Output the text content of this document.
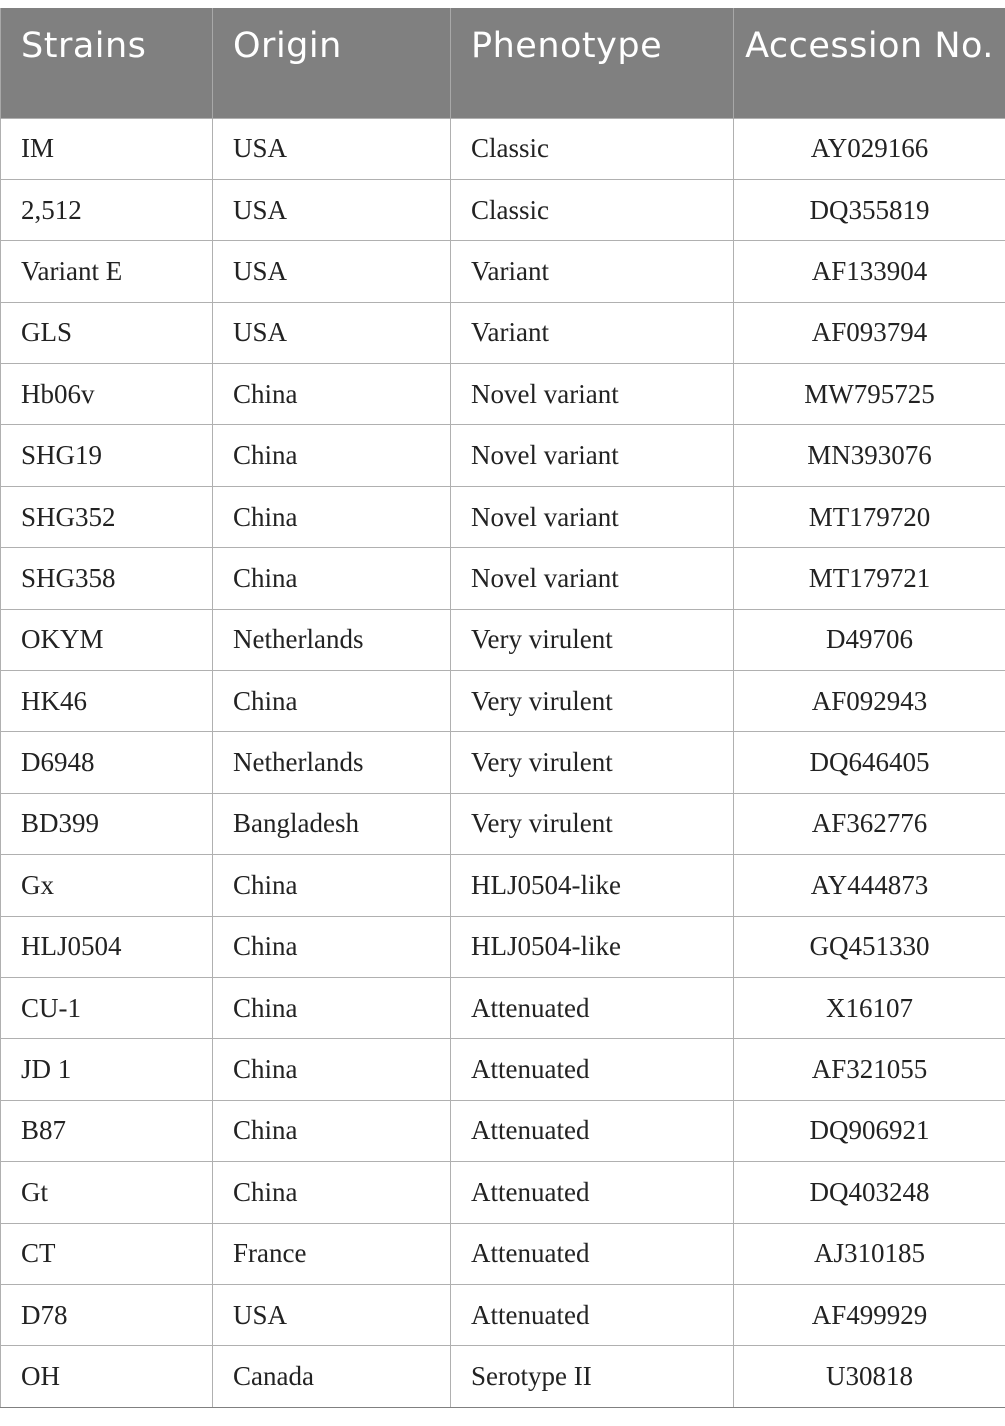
Strains	Origin	Phenotype	Accession No.
IM	USA	Classic	AY029166
2,512	USA	Classic	DQ355819
Variant E	USA	Variant	AF133904
GLS	USA	Variant	AF093794
Hb06v	China	Novel variant	MW795725
SHG19	China	Novel variant	MN393076
SHG352	China	Novel variant	MT179720
SHG358	China	Novel variant	MT179721
OKYM	Netherlands	Very virulent	D49706
HK46	China	Very virulent	AF092943
D6948	Netherlands	Very virulent	DQ646405
BD399	Bangladesh	Very virulent	AF362776
Gx	China	HLJ0504-like	AY444873
HLJ0504	China	HLJ0504-like	GQ451330
CU-1	China	Attenuated	X16107
JD 1	China	Attenuated	AF321055
B87	China	Attenuated	DQ906921
Gt	China	Attenuated	DQ403248
CT	France	Attenuated	AJ310185
D78	USA	Attenuated	AF499929
OH	Canada	Serotype II	U30818
